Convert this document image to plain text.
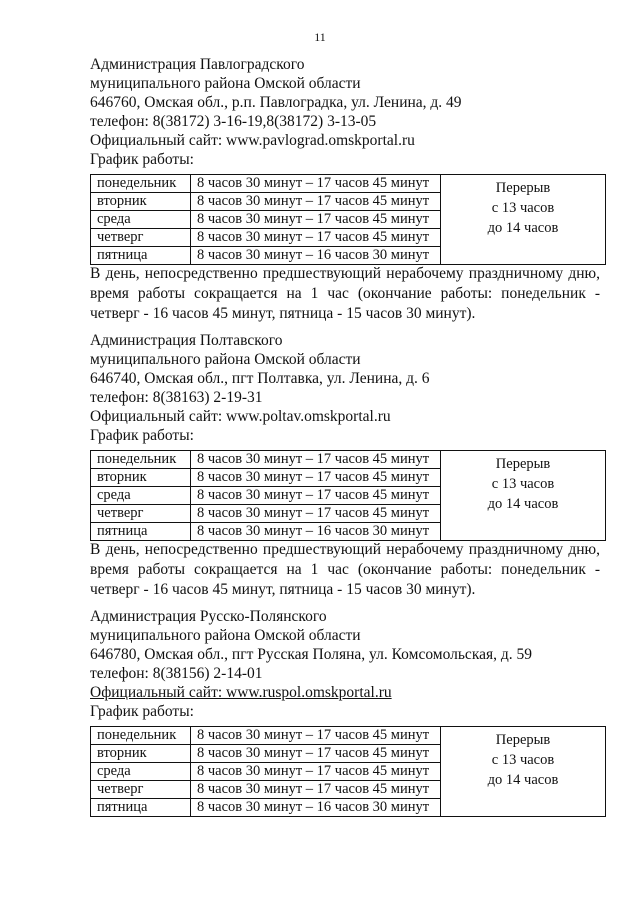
11
Администрация Павлоградского
муниципального района Омской области
646760, Омская обл., р.п. Павлоградка, ул. Ленина, д. 49
телефон: 8(38172) 3-16-19,8(38172) 3-13-05
Официальный сайт: www.pavlograd.omskportal.ru
График работы:
понедельник	8 часов 30 минут – 17 часов 45 минут	Перерыв
с 13 часов
до 14 часов

вторник	8 часов 30 минут – 17 часов 45 минут	
среда	8 часов 30 минут – 17 часов 45 минут	
четверг	8 часов 30 минут – 17 часов 45 минут	
пятница	8 часов 30 минут – 16 часов 30 минут	
В день, непосредственно предшествующий нерабочему праздничному дню, время работы сокращается на 1 час (окончание работы: понедельник - четверг - 16 часов 45 минут, пятница - 15 часов 30 минут).
Администрация Полтавского
муниципального района Омской области
646740, Омская обл., пгт Полтавка, ул. Ленина, д. 6
телефон: 8(38163) 2-19-31
Официальный сайт: www.poltav.omskportal.ru
График работы:
понедельник	8 часов 30 минут – 17 часов 45 минут	Перерыв
с 13 часов
до 14 часов

вторник	8 часов 30 минут – 17 часов 45 минут	
среда	8 часов 30 минут – 17 часов 45 минут	
четверг	8 часов 30 минут – 17 часов 45 минут	
пятница	8 часов 30 минут – 16 часов 30 минут	
В день, непосредственно предшествующий нерабочему праздничному дню, время работы сокращается на 1 час (окончание работы: понедельник - четверг - 16 часов 45 минут, пятница - 15 часов 30 минут).
Администрация Русско-Полянского
муниципального района Омской области
646780, Омская обл., пгт Русская Поляна, ул. Комсомольская, д. 59
телефон: 8(38156) 2-14-01
Официальный сайт: www.ruspol.omskportal.ru
График работы:
понедельник	8 часов 30 минут – 17 часов 45 минут	Перерыв
с 13 часов
до 14 часов

вторник	8 часов 30 минут – 17 часов 45 минут	
среда	8 часов 30 минут – 17 часов 45 минут	
четверг	8 часов 30 минут – 17 часов 45 минут	
пятница	8 часов 30 минут – 16 часов 30 минут	
